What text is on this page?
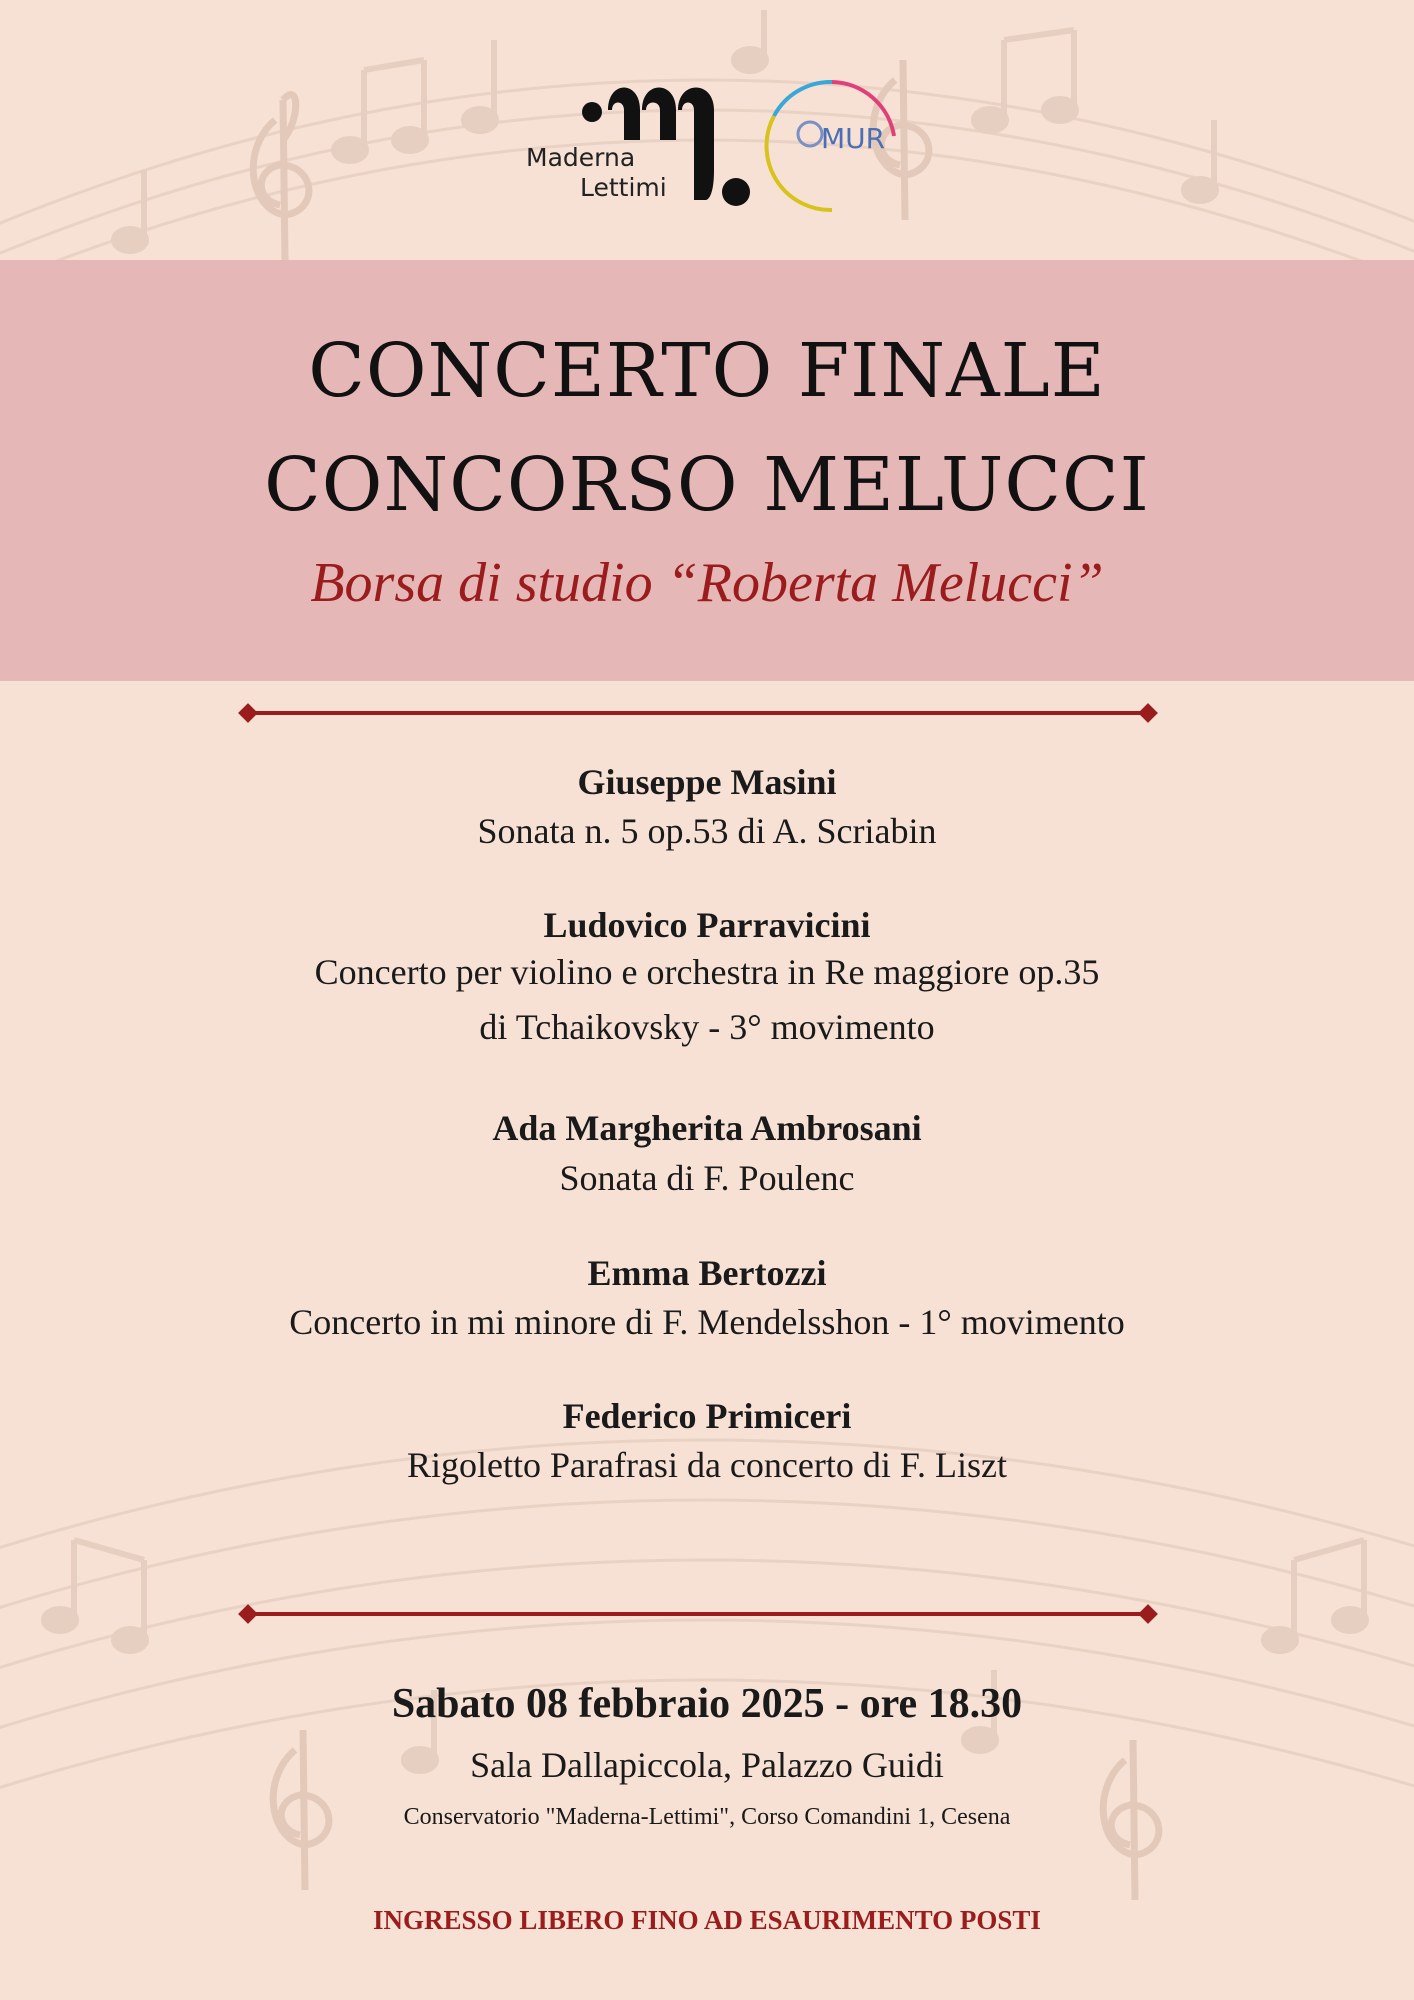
Maderna
Lettimi
MUR
CONCERTO FINALE
CONCORSO MELUCCI
Borsa di studio “Roberta Melucci”
Giuseppe Masini
Sonata n. 5 op.53 di A. Scriabin
Ludovico Parravicini
Concerto per violino e orchestra in Re maggiore op.35
di Tchaikovsky - 3° movimento
Ada Margherita Ambrosani
Sonata di F. Poulenc
Emma Bertozzi
Concerto in mi minore di F. Mendelsshon - 1° movimento
Federico Primiceri
Rigoletto Parafrasi da concerto di F. Liszt
Sabato 08 febbraio 2025 - ore 18.30
Sala Dallapiccola, Palazzo Guidi
Conservatorio "Maderna-Lettimi", Corso Comandini 1, Cesena
INGRESSO LIBERO FINO AD ESAURIMENTO POSTI
